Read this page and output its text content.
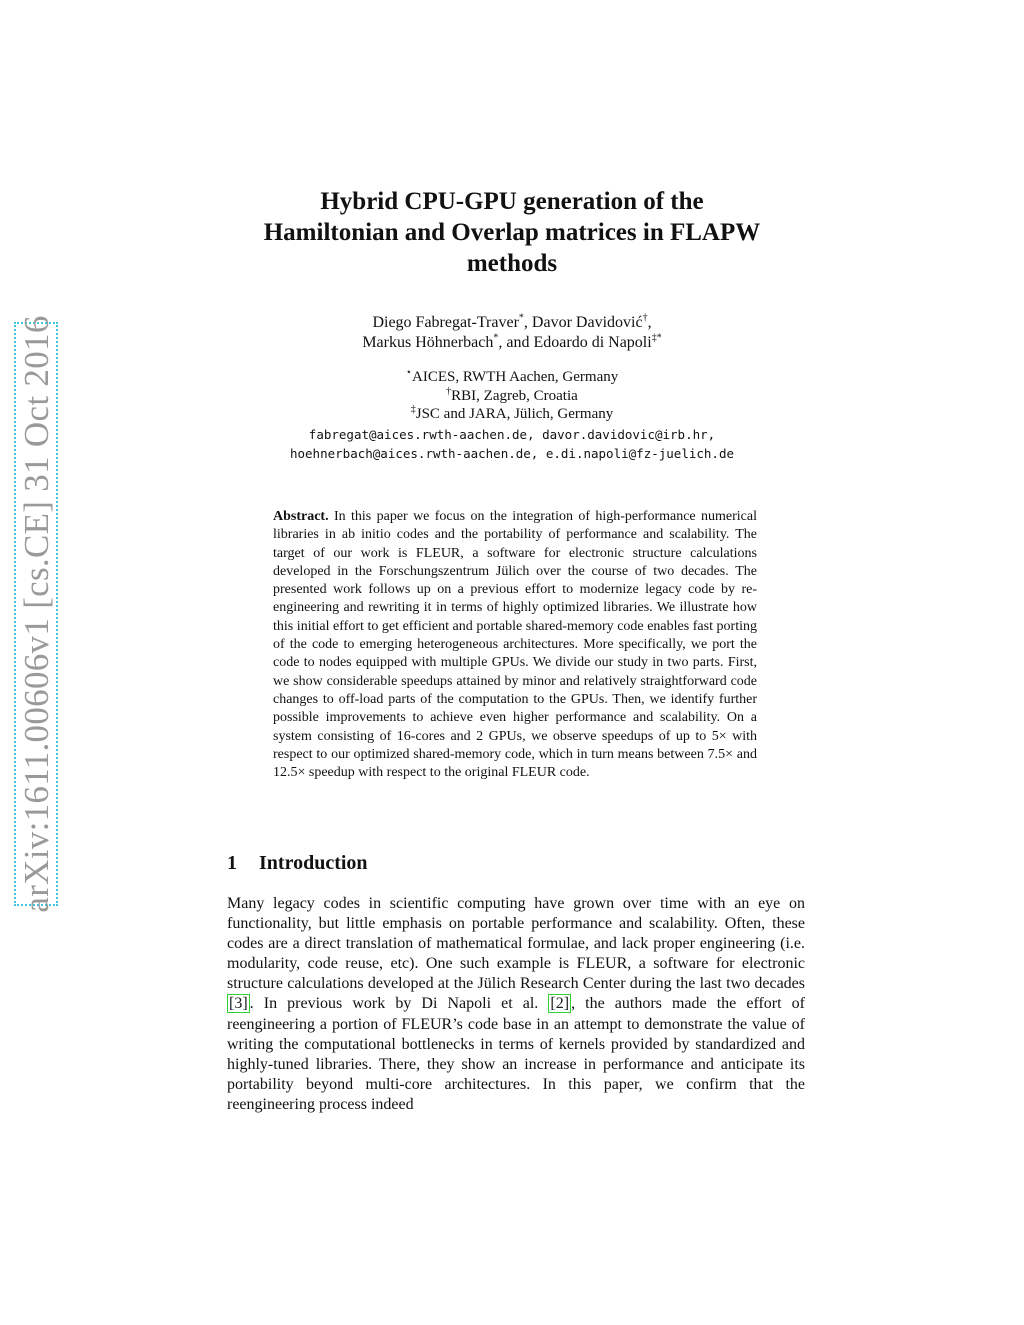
arXiv:1611.00606v1 [cs.CE] 31 Oct 2016
Hybrid CPU-GPU generation of the
Hamiltonian and Overlap matrices in FLAPW
methods
Diego Fabregat-Traver*, Davor Davidović†,
Markus Höhnerbach*, and Edoardo di Napoli‡*
⋆AICES, RWTH Aachen, Germany
†RBI, Zagreb, Croatia
‡JSC and JARA, Jülich, Germany
fabregat@aices.rwth-aachen.de, davor.davidovic@irb.hr,
hoehnerbach@aices.rwth-aachen.de, e.di.napoli@fz-juelich.de
Abstract. In this paper we focus on the integration of high-performance numerical libraries in ab initio codes and the portability of performance and scalability. The target of our work is FLEUR, a software for electronic structure calculations developed in the Forschungszentrum Jülich over the course of two decades. The presented work follows up on a previous effort to modernize legacy code by re-engineering and rewriting it in terms of highly optimized libraries. We illustrate how this initial effort to get efficient and portable shared-memory code enables fast porting of the code to emerging heterogeneous architectures. More specifically, we port the code to nodes equipped with multiple GPUs. We divide our study in two parts. First, we show considerable speedups attained by minor and relatively straightforward code changes to off-load parts of the computation to the GPUs. Then, we identify further possible improvements to achieve even higher performance and scalability. On a system consisting of 16-cores and 2 GPUs, we observe speedups of up to 5× with respect to our optimized shared-memory code, which in turn means between 7.5× and 12.5× speedup with respect to the original FLEUR code.
1 Introduction

Many legacy codes in scientific computing have grown over time with an eye on functionality, but little emphasis on portable performance and scalability. Often, these codes are a direct translation of mathematical formulae, and lack proper engineering (i.e. modularity, code reuse, etc). One such example is FLEUR, a software for electronic structure calculations developed at the Jülich Research Center during the last two decades [3] . In previous work by Di Napoli et al. [2] , the authors made the effort of reengineering a portion of FLEUR’s code base in an attempt to demonstrate the value of writing the computational bottlenecks in terms of kernels provided by standardized and highly-tuned libraries. There, they show an increase in performance and anticipate its portability beyond multi-core architectures. In this paper, we confirm that the reengineering process indeed
